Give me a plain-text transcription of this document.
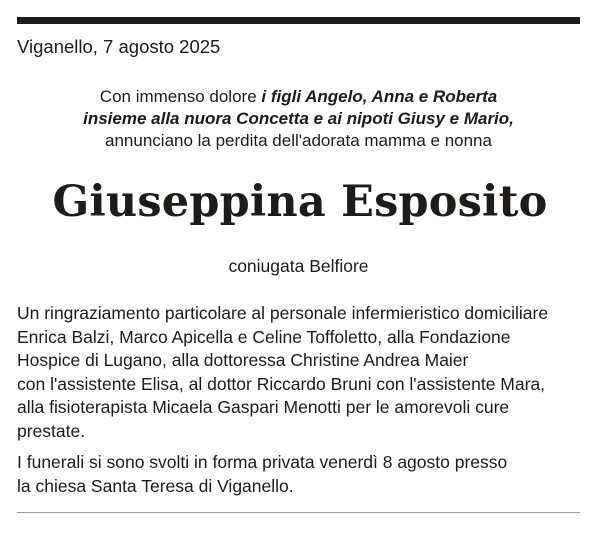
Viganello, 7 agosto 2025
Con immenso dolore i figli Angelo, Anna e Roberta
insieme alla nuora Concetta e ai nipoti Giusy e Mario,
annunciano la perdita dell'adorata mamma e nonna
Giuseppina Esposito
coniugata Belfiore
Un ringraziamento particolare al personale infermieristico domiciliare
Enrica Balzi, Marco Apicella e Celine Toffoletto, alla Fondazione
Hospice di Lugano, alla dottoressa Christine Andrea Maier
con l'assistente Elisa, al dottor Riccardo Bruni con l'assistente Mara,
alla fisioterapista Micaela Gaspari Menotti per le amorevoli cure
prestate.
I funerali si sono svolti in forma privata venerdì 8 agosto presso
la chiesa Santa Teresa di Viganello.
